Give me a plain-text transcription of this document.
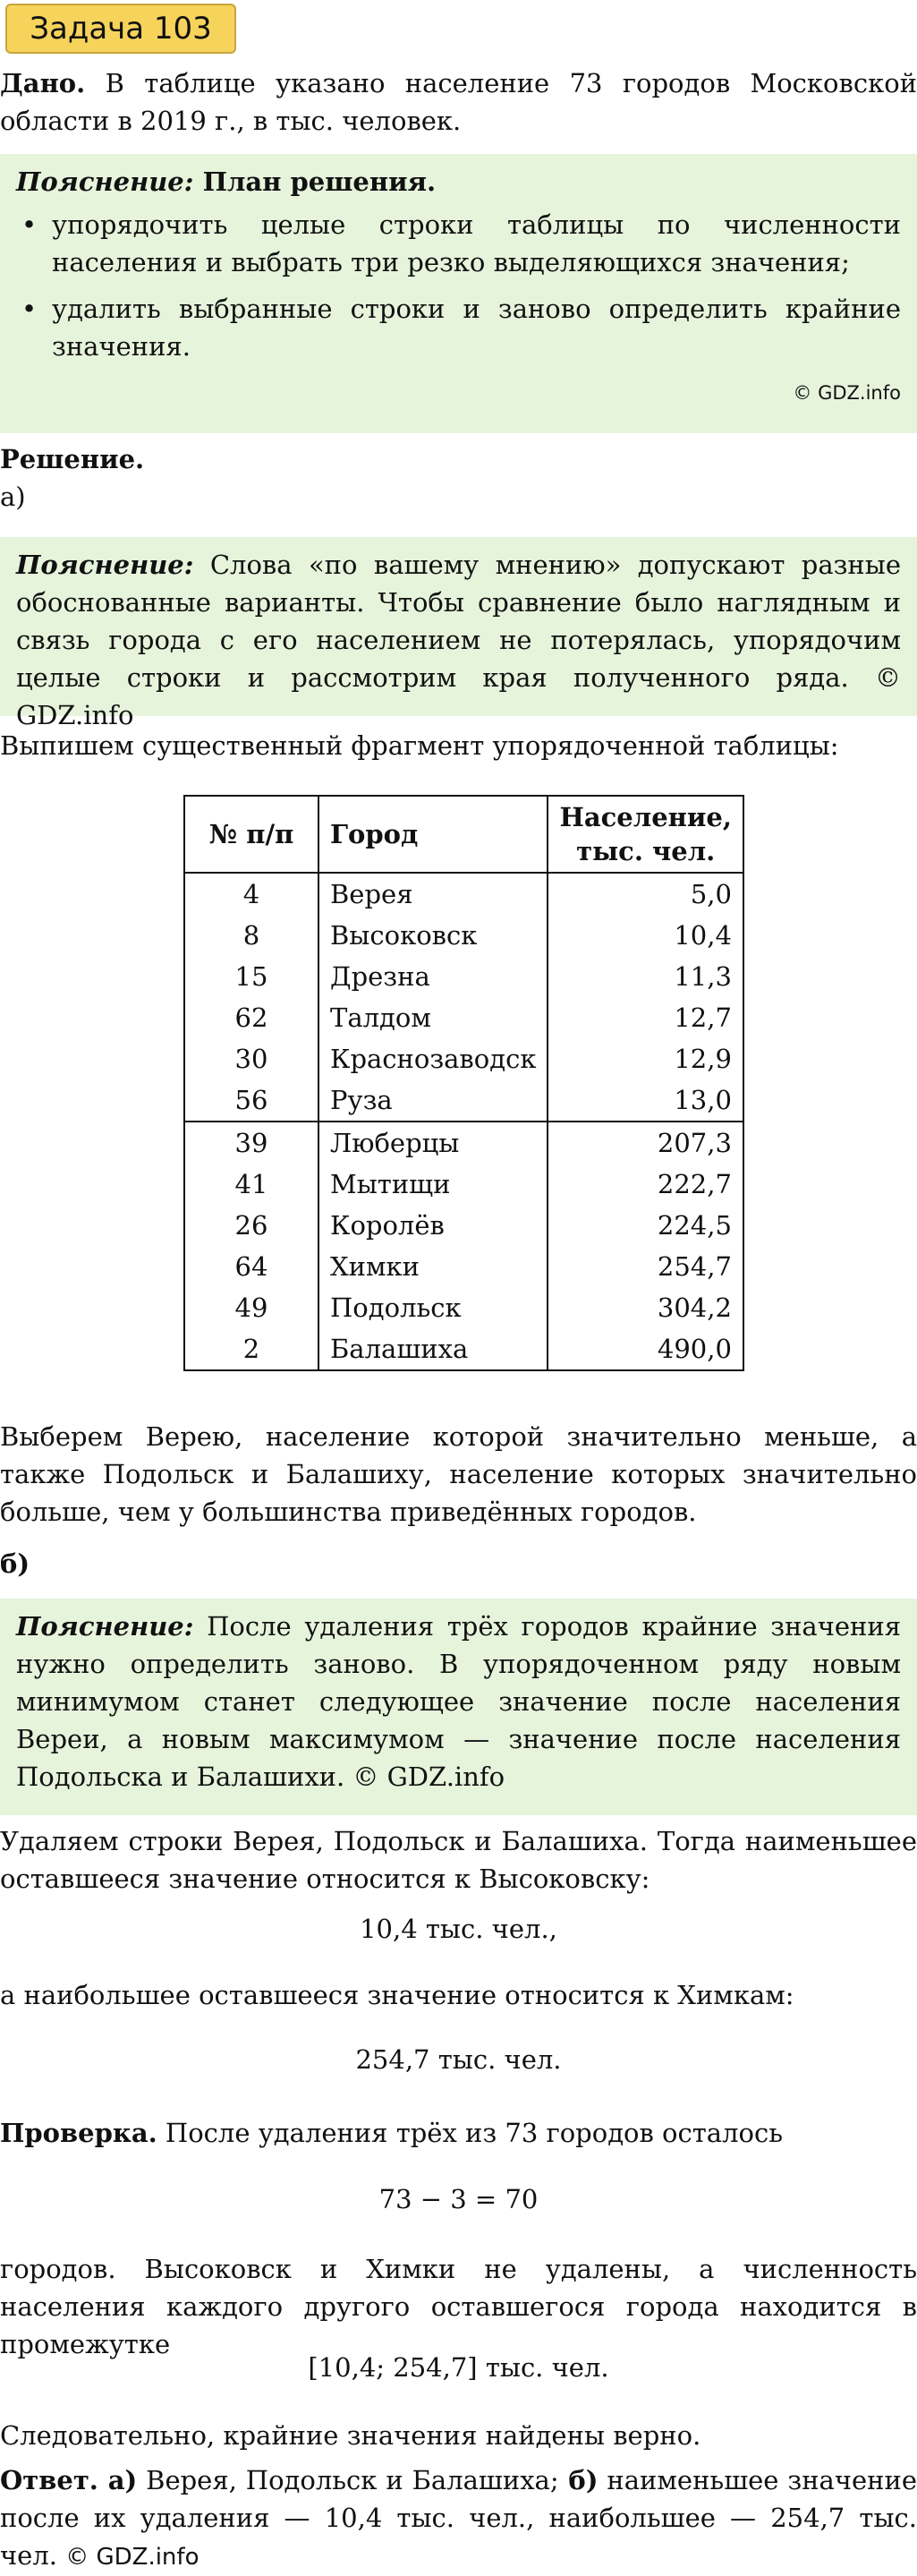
Задача 103

Дано. В таблице указано население 73 городов Московской области в 2019 г., в тыс. человек.

Пояснение: План решения.
• упорядочить целые строки таблицы по численности населения и выбрать три резко выделяющихся значения;
• удалить выбранные строки и заново определить крайние значения.
© GDZ.info
Решение.
а)

Пояснение: Слова «по вашему мнению» допускают разные обоснованные варианты. Чтобы сравнение было наглядным и связь города с его населением не потерялась, упорядочим целые строки и рассмотрим края полученного ряда. © GDZ.info

Выпишем существенный фрагмент упорядоченной таблицы:

№ п/п	Город	Население, тыс. чел.
4	Верея	5,0
8	Высоковск	10,4
15	Дрезна	11,3
62	Талдом	12,7
30	Краснозаводск	12,9
56	Руза	13,0
39	Люберцы	207,3
41	Мытищи	222,7
26	Королёв	224,5
64	Химки	254,7
49	Подольск	304,2
2	Балашиха	490,0

Выберем Верею, население которой значительно меньше, а также Подольск и Балашиху, население которых значительно больше, чем у большинства приведённых городов.

б)

Пояснение: После удаления трёх городов крайние значения нужно определить заново. В упорядоченном ряду новым минимумом станет следующее значение после населения Вереи, а новым максимумом — значение после населения Подольска и Балашихи. © GDZ.info

Удаляем строки Верея, Подольск и Балашиха. Тогда наименьшее оставшееся значение относится к Высоковску:

10,4 тыс. чел.,
а наибольшее оставшееся значение относится к Химкам:
254,7 тыс. чел.

Проверка. После удаления трёх из 73 городов осталось

73 − 3 = 70

городов. Высоковск и Химки не удалены, а численность населения каждого другого оставшегося города находится в промежутке

[10,4; 254,7] тыс. чел.
Следовательно, крайние значения найдены верно.

Ответ. а) Верея, Подольск и Балашиха; б) наименьшее значение после их удаления — 10,4 тыс. чел., наибольшее — 254,7 тыс. чел. © GDZ.info
